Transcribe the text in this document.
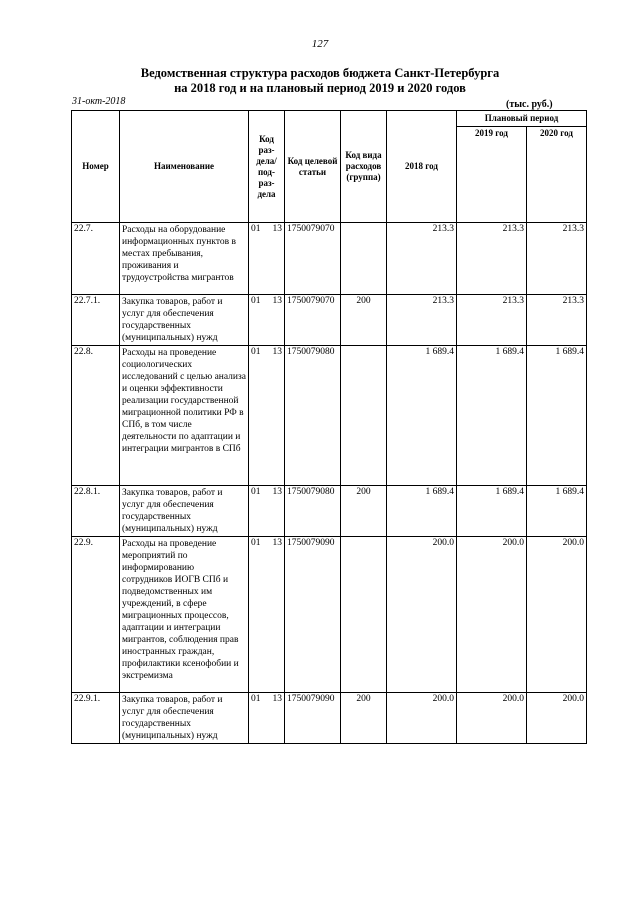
127
Ведомственная структура расходов бюджета Санкт-Петербурга
на 2018 год и на плановый период 2019 и 2020 годов
31-окт-2018	(тыс. руб.)
Номер	Наименование	Код раз- дела/ под- раз- дела	Код целевой статьи	Код вида расходов (группа)	2018 год	Плановый период	
						2019 год	2020 год
22.7.	Расходы на оборудование информационных пунктов в местах пребывания, проживания и трудоустройства мигрантов	01 13	1750079070		213.3	213.3	213.3
22.7.1.	Закупка товаров, работ и услуг для обеспечения государственных (муниципальных) нужд	01 13	1750079070	200	213.3	213.3	213.3
22.8.	Расходы на проведение социологических исследований с целью анализа и оценки эффективности реализации государственной миграционной политики РФ в СПб, в том числе деятельности по адаптации и интеграции мигрантов в СПб	01 13	1750079080		1 689.4	1 689.4	1 689.4
22.8.1.	Закупка товаров, работ и услуг для обеспечения государственных (муниципальных) нужд	01 13	1750079080	200	1 689.4	1 689.4	1 689.4
22.9.	Расходы на проведение мероприятий по информированию сотрудников ИОГВ СПб и подведомственных им учреждений, в сфере миграционных процессов, адаптации и интеграции мигрантов, соблюдения прав иностранных граждан, профилактики ксенофобии и экстремизма	01 13	1750079090		200.0	200.0	200.0
22.9.1.	Закупка товаров, работ и услуг для обеспечения государственных (муниципальных) нужд	01 13	1750079090	200	200.0	200.0	200.0
